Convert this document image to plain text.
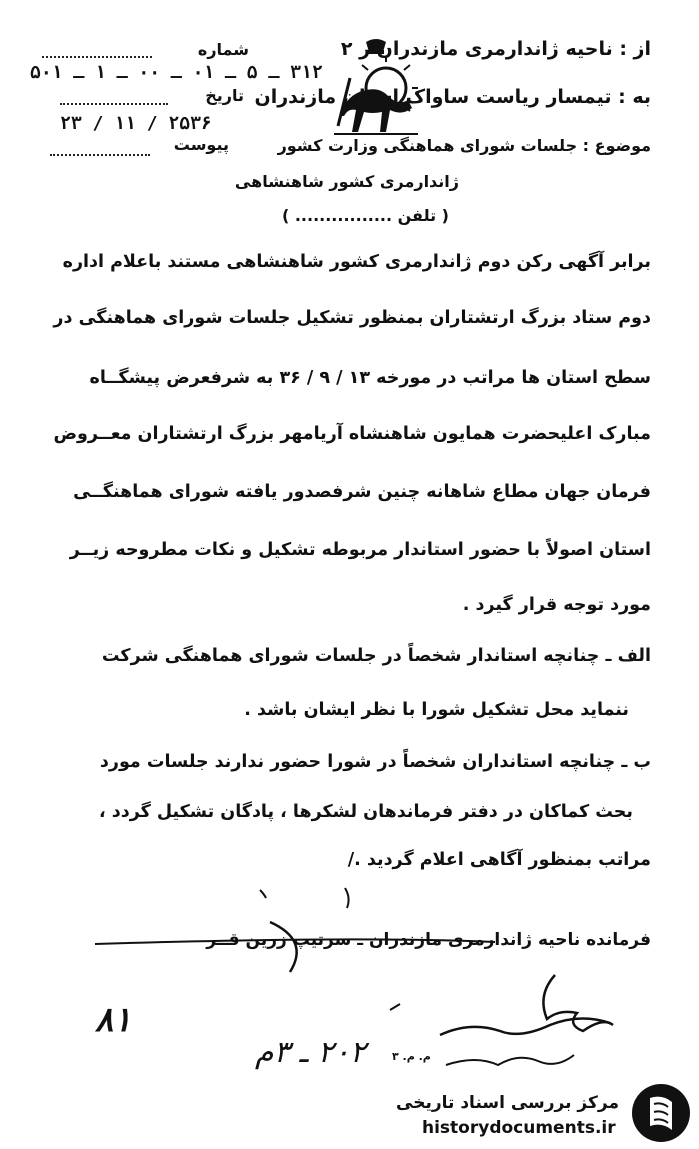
شماره
۳۱۲ ـ ۵ ـ ۰۱ ـ ۰۰ ـ ۱ ـ ۵۰۱
تاریخ
۲۵۳۶ / ۱۱ / ۲۳
پیوست
از : ناحیه ژاندارمری مازندران ر ۲
به : تیمسار ریاست ساواک استان مازندران
موضوع : جلسات شورای هماهنگی وزارت کشور
ژاندارمری کشور شاهنشاهی
( تلفن ................ )
برابر آگهی رکن دوم ژاندارمری کشور شاهنشاهی مستند باعلام اداره
دوم ستاد بزرگ ارتشتاران بمنظور تشکیل جلسات شورای هماهنگی در
سطح استان ها مراتب در مورخه ۱۳ / ۹ / ۳۶ به شرفعرض پیشگــاه
مبارک اعلیحضرت همایون شاهنشاه آریامهر بزرگ ارتشتاران معــروض
فرمان جهان مطاع شاهانه چنین شرفصدور یافته شورای هماهنگــی
استان اصولاً با حضور استاندار مربوطه تشکیل و نکات مطروحه زیــر
مورد توجه قرار گیرد .
الف ـ چنانچه استاندار شخصاً در جلسات شورای هماهنگی شرکت
ننماید محل تشکیل شورا با نظر ایشان باشد .
ب ـ چنانچه استانداران شخصاً در شورا حضور ندارند جلسات مورد
بحث کماکان در دفتر فرماندهان لشکرها ، پادگان تشکیل گردد ،
مراتب بمنظور آگاهی اعلام گردید ./
فرمانده ناحیه ژاندارمری مازندران ـ سرتیپ زرین قــر
۸۱
۲۰۲ ـ ۳م م. م. ۳
مرکز بررسی اسناد تاریخی
historydocuments.ir
